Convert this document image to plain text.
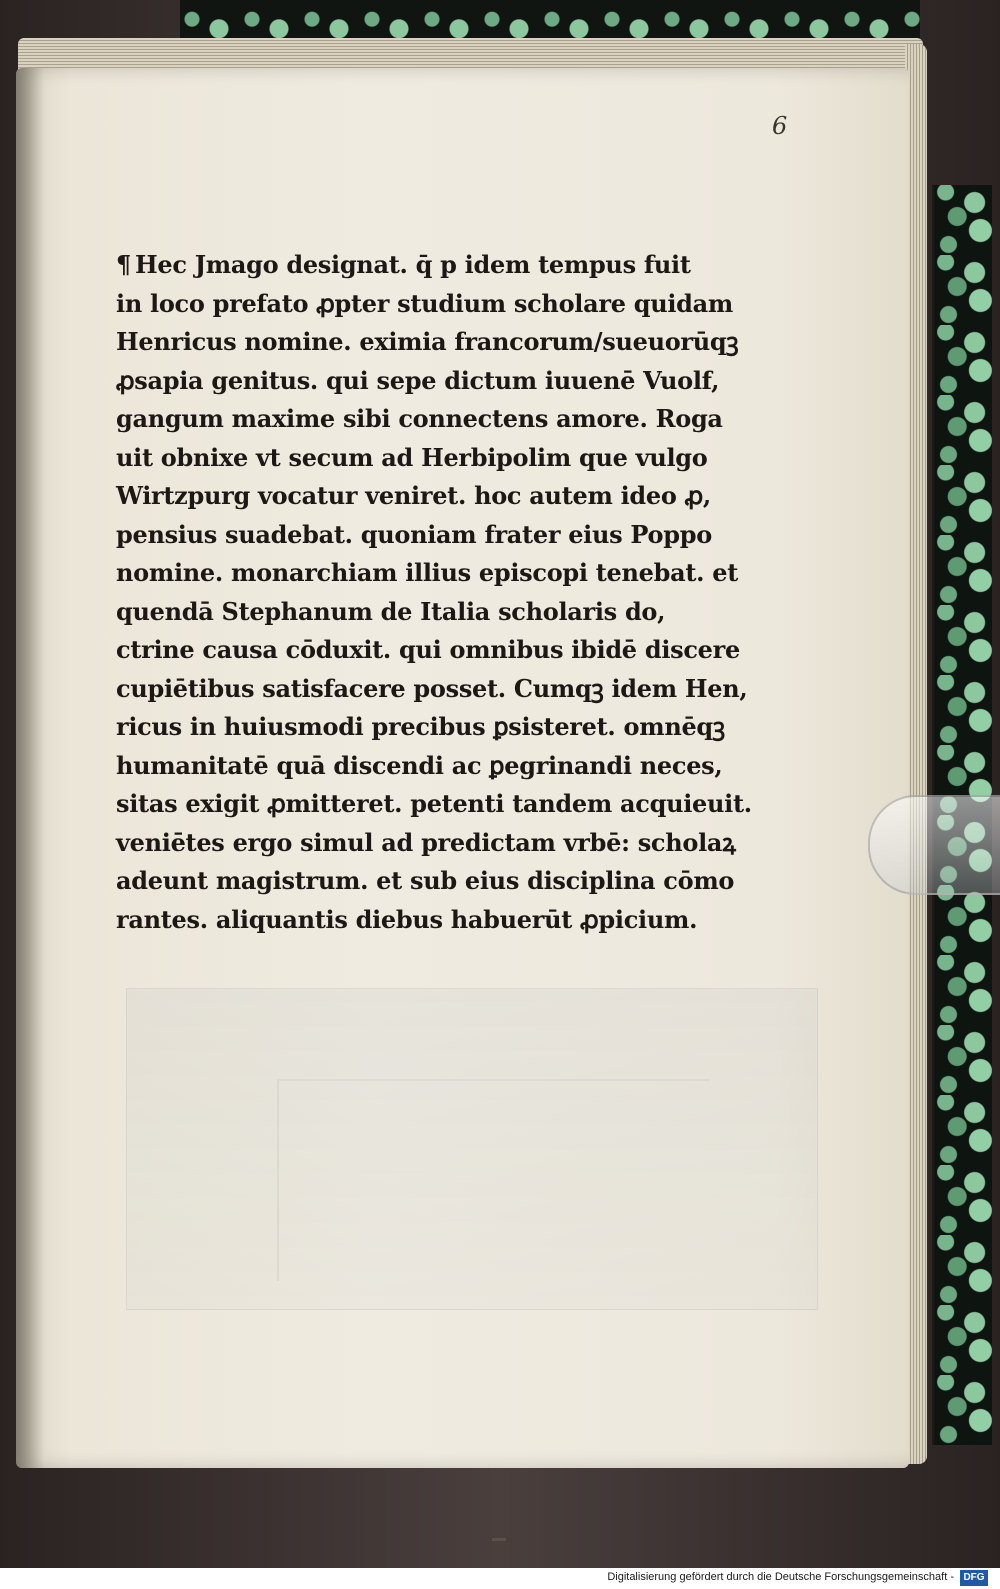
6
¶ Hec Jmago designat. q̄ p idem tempus fuit
in loco prefato ꝓpter studium scholare quidam
Henricus nomine. eximia francorum/sueuorūqꝫ
ꝓsapia genitus. qui sepe dictum iuuenē Vuolf,
gangum maxime sibi connectens amore. Roga
uit obnixe vt secum ad Herbipolim que vulgo
Wirtzpurg vocatur veniret. hoc autem ideo ꝓ,
pensius suadebat. quoniam frater eius Poppo
nomine. monarchiam illius episcopi tenebat. et
quendā Stephanum de Italia scholaris do,
ctrine causa cōduxit. qui omnibus ibidē discere
cupiētibus satisfacere posset. Cumqꝫ idem Hen,
ricus in huiusmodi precibus ꝑsisteret. omnēqꝫ
humanitatē quā discendi ac ꝑegrinandi neces,
sitas exigit ꝓmitteret. petenti tandem acquieuit.
veniētes ergo simul ad predictam vrbē: scholaꝝ
adeunt magistrum. et sub eius disciplina cōmo
rantes. aliquantis diebus habuerūt ꝓpicium.
Digitalisierung gefördert durch die Deutsche Forschungsgemeinschaft - DFG
